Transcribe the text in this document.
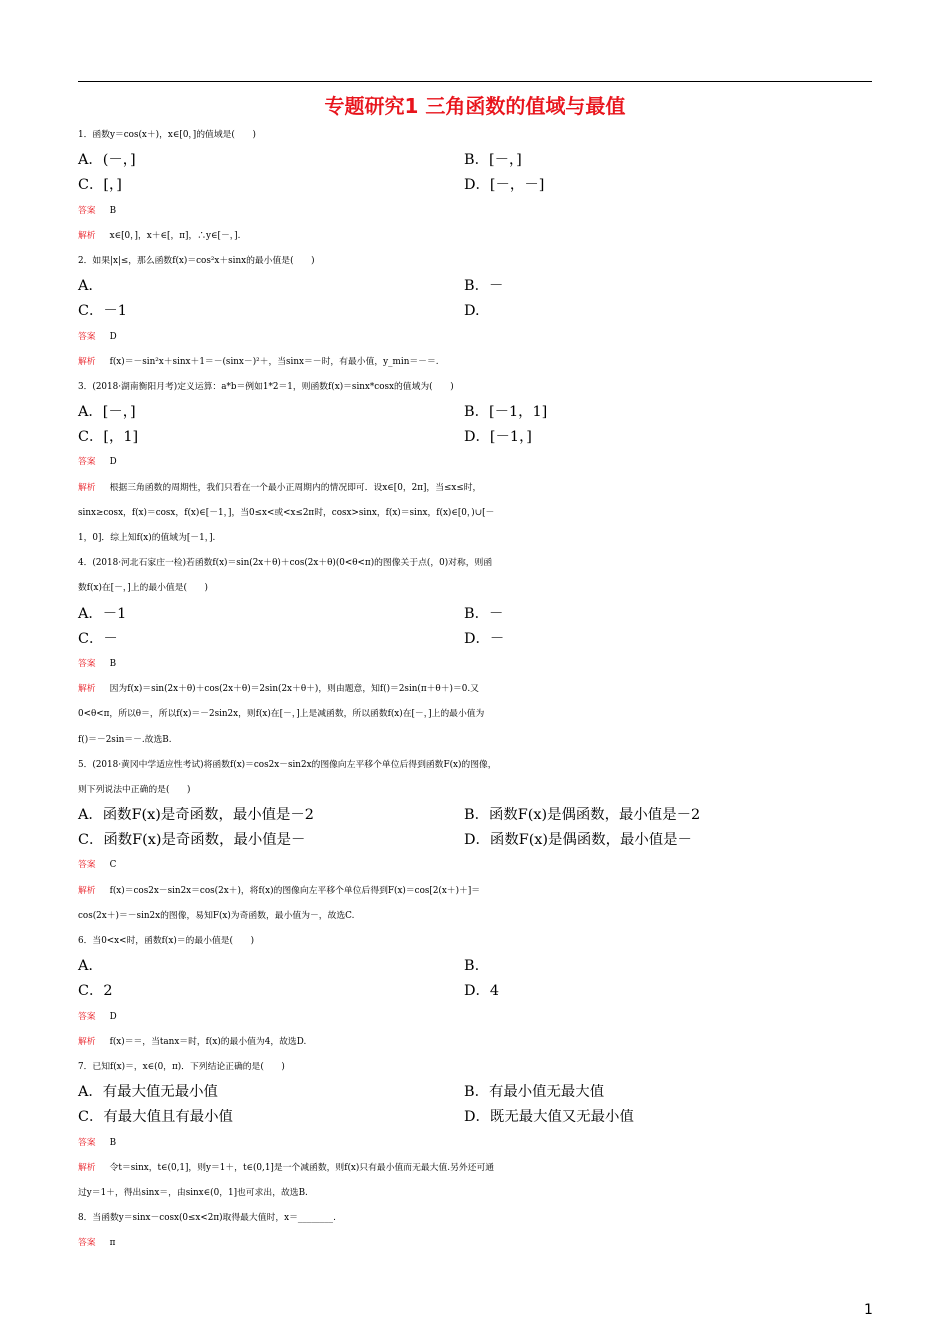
专题研究1 三角函数的值域与最值
1．函数y＝cos(x＋)，x∈[0，]的值域是(　　)
A．(－，]	B．[－，]
C．[，]	D．[－，－]
答案 B
解析 x∈[0，]，x＋∈[，π]，∴y∈[－，].
2．如果|x|≤，那么函数f(x)＝cos²x＋sinx的最小值是(　　)
A.	B．－
C．－1	D.
答案 D
解析 f(x)＝－sin²x＋sinx＋1＝－(sinx－)²＋，当sinx＝－时，有最小值，y_min＝－＝.
3．(2018·湖南衡阳月考)定义运算：a*b＝例如1*2＝1，则函数f(x)＝sinx*cosx的值域为(　　)
A．[－，]	B．[－1，1]
C．[，1]	D．[－1，]
答案 D
解析 根据三角函数的周期性，我们只看在一个最小正周期内的情况即可．设x∈[0，2π]，当≤x≤时，
sinx≥cosx，f(x)＝cosx，f(x)∈[－1，]，当0≤x<或<x≤2π时，cosx>sinx，f(x)＝sinx，f(x)∈[0，)∪[－
1，0]．综上知f(x)的值域为[－1，].
4．(2018·河北石家庄一检)若函数f(x)＝sin(2x＋θ)＋cos(2x＋θ)(0<θ<π)的图像关于点(，0)对称，则函
数f(x)在[－，]上的最小值是(　　)
A．－1	B．－
C．－	D．－
答案 B
解析 因为f(x)＝sin(2x＋θ)＋cos(2x＋θ)＝2sin(2x＋θ＋)，则由题意，知f()＝2sin(π＋θ＋)＝0.又
0<θ<π，所以θ＝，所以f(x)＝－2sin2x，则f(x)在[－，]上是减函数，所以函数f(x)在[－，]上的最小值为
f()＝－2sin＝－.故选B.
5．(2018·黄冈中学适应性考试)将函数f(x)＝cos2x－sin2x的图像向左平移个单位后得到函数F(x)的图像，
则下列说法中正确的是(　　)
A．函数F(x)是奇函数，最小值是－2	B．函数F(x)是偶函数，最小值是－2
C．函数F(x)是奇函数，最小值是－	D．函数F(x)是偶函数，最小值是－
答案 C
解析 f(x)＝cos2x－sin2x＝cos(2x＋)，将f(x)的图像向左平移个单位后得到F(x)＝cos[2(x＋)＋]＝
cos(2x＋)＝－sin2x的图像，易知F(x)为奇函数，最小值为－，故选C.
6．当0<x<时，函数f(x)＝的最小值是(　　)
A.	B.
C．2	D．4
答案 D
解析 f(x)＝＝，当tanx＝时，f(x)的最小值为4，故选D.
7．已知f(x)＝，x∈(0，π)．下列结论正确的是(　　)
A．有最大值无最小值	B．有最小值无最大值
C．有最大值且有最小值	D．既无最大值又无最小值
答案 B
解析 令t＝sinx，t∈(0,1]，则y＝1＋，t∈(0,1]是一个减函数，则f(x)只有最小值而无最大值.另外还可通
过y＝1＋，得出sinx＝，由sinx∈(0，1]也可求出，故选B.
8．当函数y＝sinx－cosx(0≤x<2π)取得最大值时，x＝________.
答案 π
1
